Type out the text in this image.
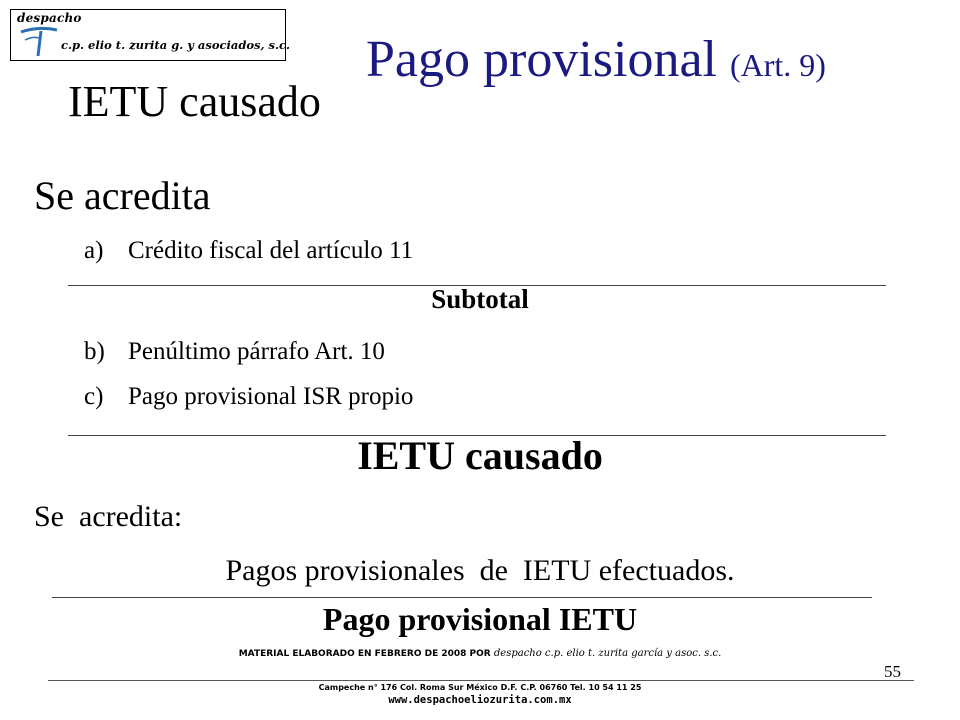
despacho
c.p. elio t. zurita g. y asociados, s.c. Pago provisional (Art. 9)
IETU causado
Se acredita
a) Crédito fiscal del artículo 11
Subtotal
b) Penúltimo párrafo Art. 10
c) Pago provisional ISR propio
IETU causado
Se  acredita:
Pagos provisionales  de  IETU efectuados.
Pago provisional IETU
MATERIAL ELABORADO EN FEBRERO DE 2008 POR despacho c.p. elio t. zurita garcía y asoc. s.c.
55
Campeche n° 176 Col. Roma Sur México D.F. C.P. 06760 Tel. 10 54 11 25
www.despachoeliozurita.com.mx
